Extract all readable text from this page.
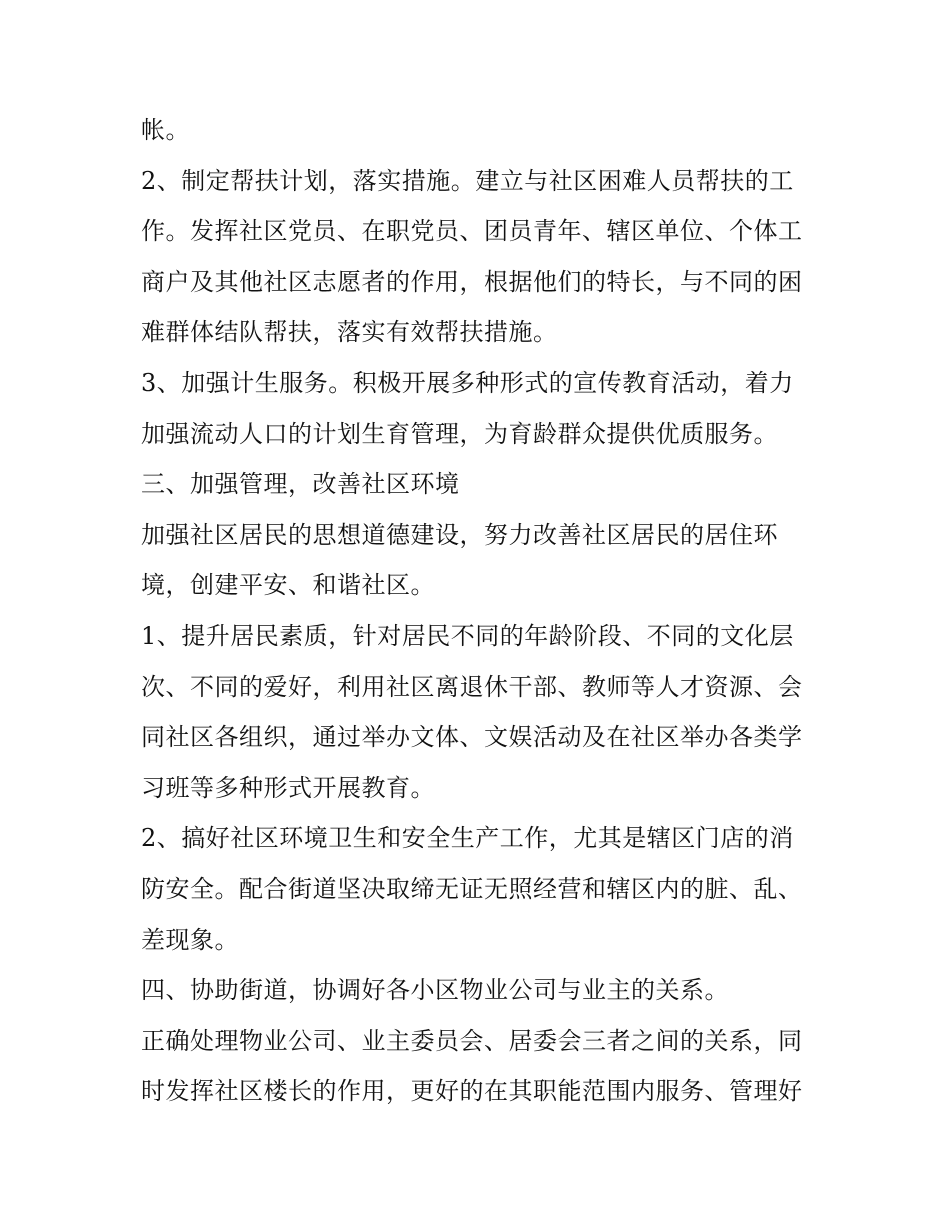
帐。
2、制定帮扶计划，落实措施。建立与社区困难人员帮扶的工
作。发挥社区党员、在职党员、团员青年、辖区单位、个体工
商户及其他社区志愿者的作用，根据他们的特长，与不同的困
难群体结队帮扶，落实有效帮扶措施。
3、加强计生服务。积极开展多种形式的宣传教育活动，着力
加强流动人口的计划生育管理，为育龄群众提供优质服务。
三、加强管理，改善社区环境
加强社区居民的思想道德建设，努力改善社区居民的居住环
境，创建平安、和谐社区。
1、提升居民素质，针对居民不同的年龄阶段、不同的文化层
次、不同的爱好，利用社区离退休干部、教师等人才资源、会
同社区各组织，通过举办文体、文娱活动及在社区举办各类学
习班等多种形式开展教育。
2、搞好社区环境卫生和安全生产工作，尤其是辖区门店的消
防安全。配合街道坚决取缔无证无照经营和辖区内的脏、乱、
差现象。
四、协助街道，协调好各小区物业公司与业主的关系。
正确处理物业公司、业主委员会、居委会三者之间的关系，同
时发挥社区楼长的作用，更好的在其职能范围内服务、管理好
